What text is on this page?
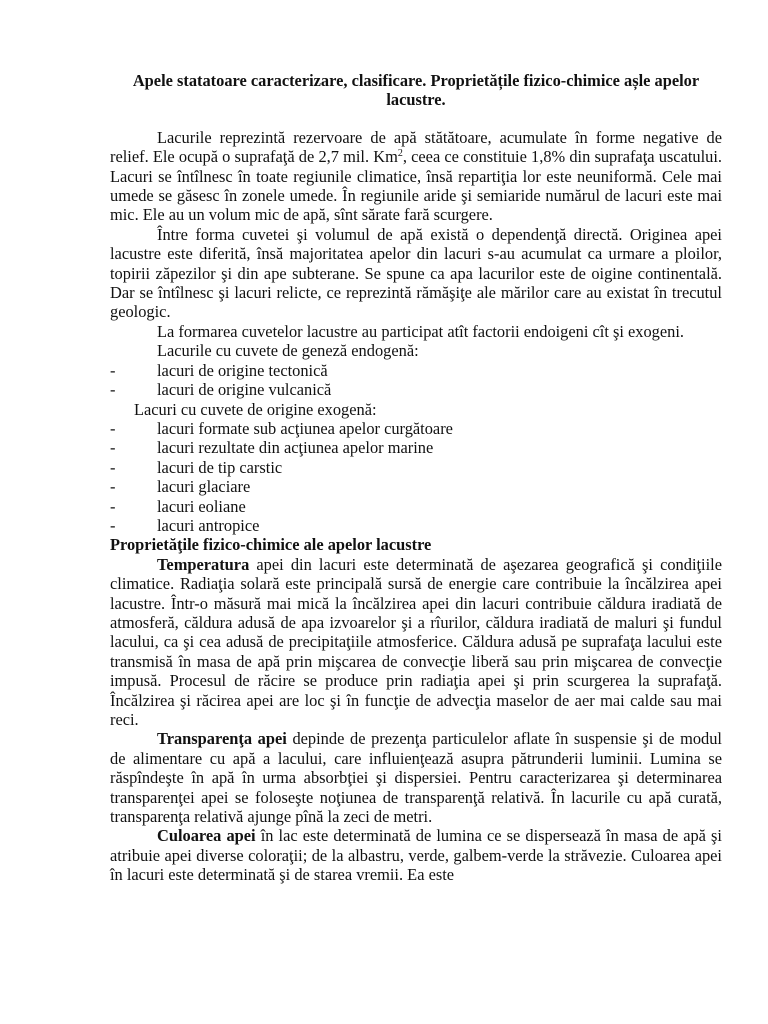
Apele statatoare caracterizare, clasificare. Proprietățile fizico-chimice așle apelor lacustre.

Lacurile reprezintă rezervoare de apă stătătoare, acumulate în forme negative de relief. Ele ocupă o suprafaţă de 2,7 mil. Km$^2$, ceea ce constituie 1,8% din suprafaţa uscatului. Lacuri se întîlnesc în toate regiunile climatice, însă repartiţia lor este neuniformă. Cele mai umede se găsesc în zonele umede. În regiunile aride şi semiaride numărul de lacuri este mai mic. Ele au un volum mic de apă, sînt sărate fară scurgere.

Între forma cuvetei şi volumul de apă există o dependenţă directă. Originea apei lacustre este diferită, însă majoritatea apelor din lacuri s-au acumulat ca urmare a ploilor, topirii zăpezilor şi din ape subterane. Se spune ca apa lacurilor este de oigine continentală. Dar se întîlnesc şi lacuri relicte, ce reprezintă rămăşiţe ale mărilor care au existat în trecutul geologic.

La formarea cuvetelor lacustre au participat atît factorii endoigeni cît şi exogeni.

Lacurile cu cuvete de geneză endogenă:

-	lacuri de origine tectonică
-	lacuri de origine vulcanică

Lacuri cu cuvete de origine exogenă:

-	lacuri formate sub acţiunea apelor curgătoare
-	lacuri rezultate din acţiunea apelor marine
-	lacuri de tip carstic
-	lacuri glaciare
-	lacuri eoliane
-	lacuri antropice

Proprietăţile fizico-chimice ale apelor lacustre

Temperatura apei din lacuri este determinată de aşezarea geografică şi condiţiile climatice. Radiaţia solară este principală sursă de energie care contribuie la încălzirea apei lacustre. Într-o măsură mai mică la încălzirea apei din lacuri contribuie căldura iradiată de atmosferă, căldura adusă de apa izvoarelor şi a rîurilor, căldura iradiată de maluri şi fundul lacului, ca şi cea adusă de precipitaţiile atmosferice. Căldura adusă pe suprafaţa lacului este transmisă în masa de apă prin mişcarea de convecţie liberă sau prin mişcarea de convecţie impusă. Procesul de răcire se produce prin radiaţia apei şi prin scurgerea la suprafaţă. Încălzirea şi răcirea apei are loc şi în funcţie de advecţia maselor de aer mai calde sau mai reci.

Transparenţa apei depinde de prezenţa particulelor aflate în suspensie şi de modul de alimentare cu apă a lacului, care influienţează asupra pătrunderii luminii. Lumina se răspîndeşte în apă în urma absorbţiei şi dispersiei. Pentru caracterizarea şi determinarea transparenţei apei se foloseşte noţiunea de transparenţă relativă. În lacurile cu apă curată, transparenţa relativă ajunge pînă la zeci de metri.

Culoarea apei în lac este determinată de lumina ce se dispersează în masa de apă şi atribuie apei diverse coloraţii; de la albastru, verde, galbem-verde la străvezie. Culoarea apei în lacuri este determinată şi de starea vremii. Ea este
